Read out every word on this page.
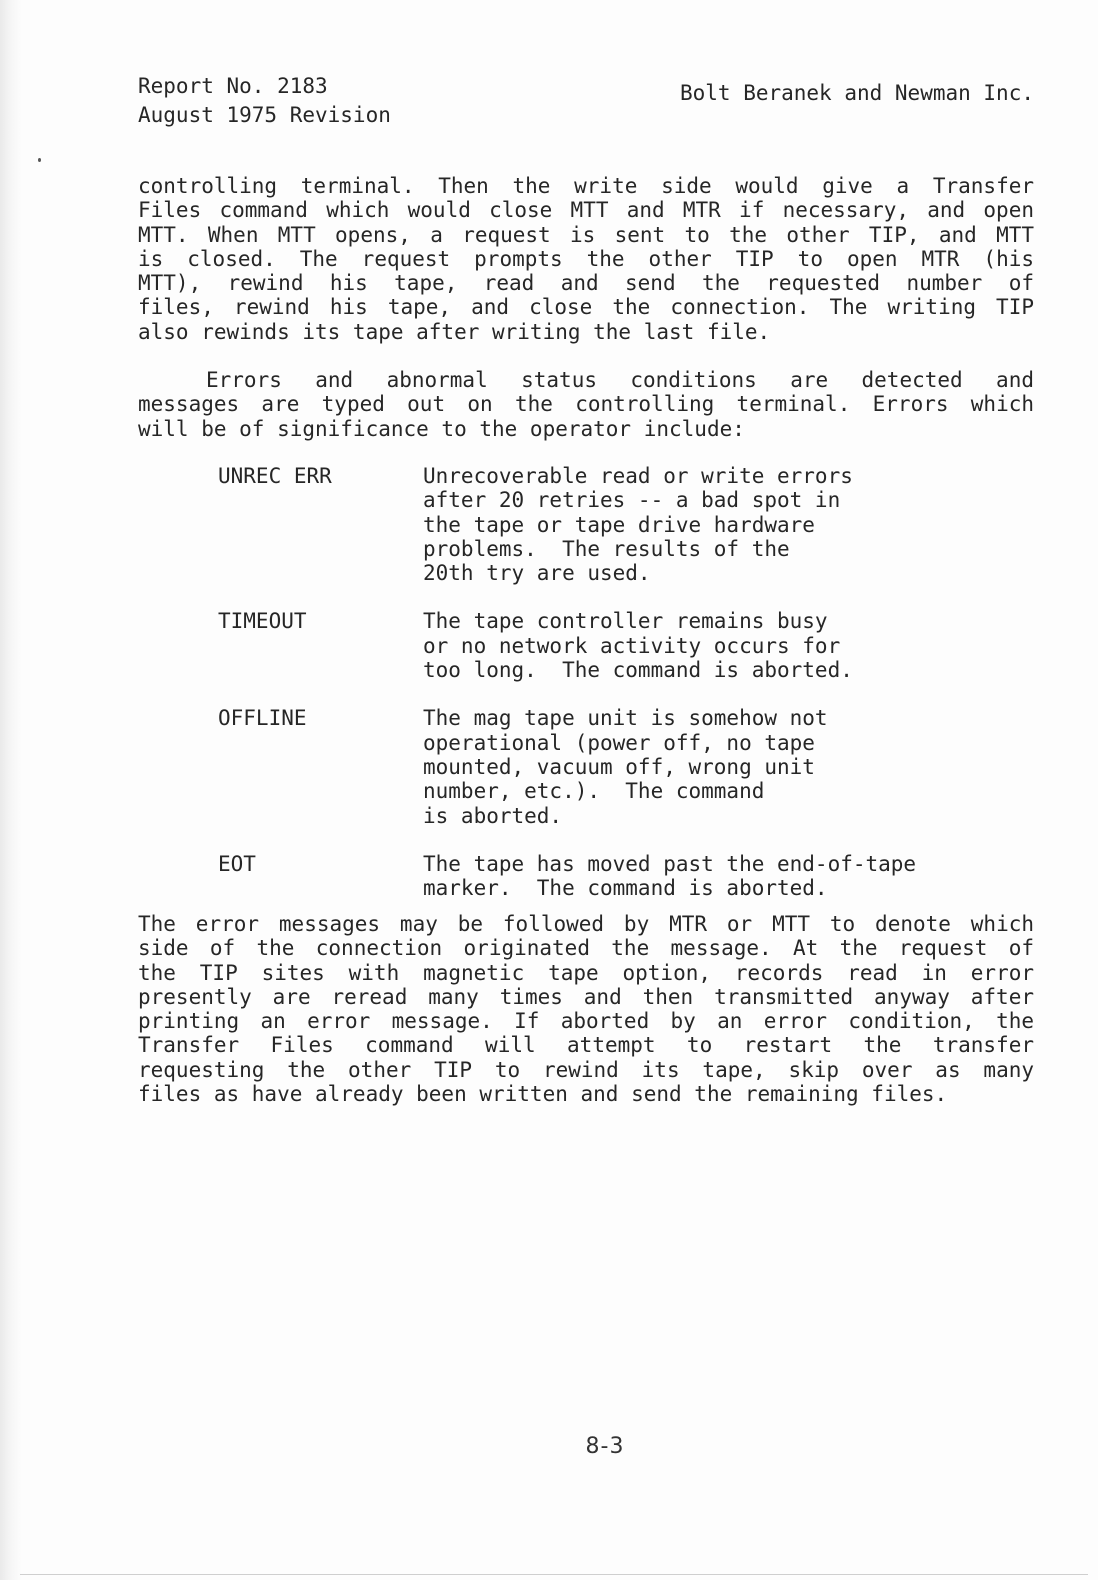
Report No. 2183
August 1975 Revision
Bolt Beranek and Newman Inc.
controlling terminal. Then the write side would give a Transfer
Files command which would close MTT and MTR if necessary, and open
MTT. When MTT opens, a request is sent to the other TIP, and MTT
is closed. The request prompts the other TIP to open MTR (his
MTT), rewind his tape, read and send the requested number of
files, rewind his tape, and close the connection. The writing TIP
also rewinds its tape after writing the last file.
Errors and abnormal status conditions are detected and
messages are typed out on the controlling terminal. Errors which
will be of significance to the operator include:
UNREC ERR	Unrecoverable read or write errors
after 20 retries -- a bad spot in
the tape or tape drive hardware
problems.  The results of the
20th try are used.
TIMEOUT	The tape controller remains busy
or no network activity occurs for
too long.  The command is aborted.
OFFLINE	The mag tape unit is somehow not
operational (power off, no tape
mounted, vacuum off, wrong unit
number, etc.).  The command
is aborted.
EOT	The tape has moved past the end-of-tape
marker.  The command is aborted.
The error messages may be followed by MTR or MTT to denote which
side of the connection originated the message. At the request of
the TIP sites with magnetic tape option, records read in error
presently are reread many times and then transmitted anyway after
printing an error message. If aborted by an error condition, the
Transfer Files command will attempt to restart the transfer
requesting the other TIP to rewind its tape, skip over as many
files as have already been written and send the remaining files.
8-3
